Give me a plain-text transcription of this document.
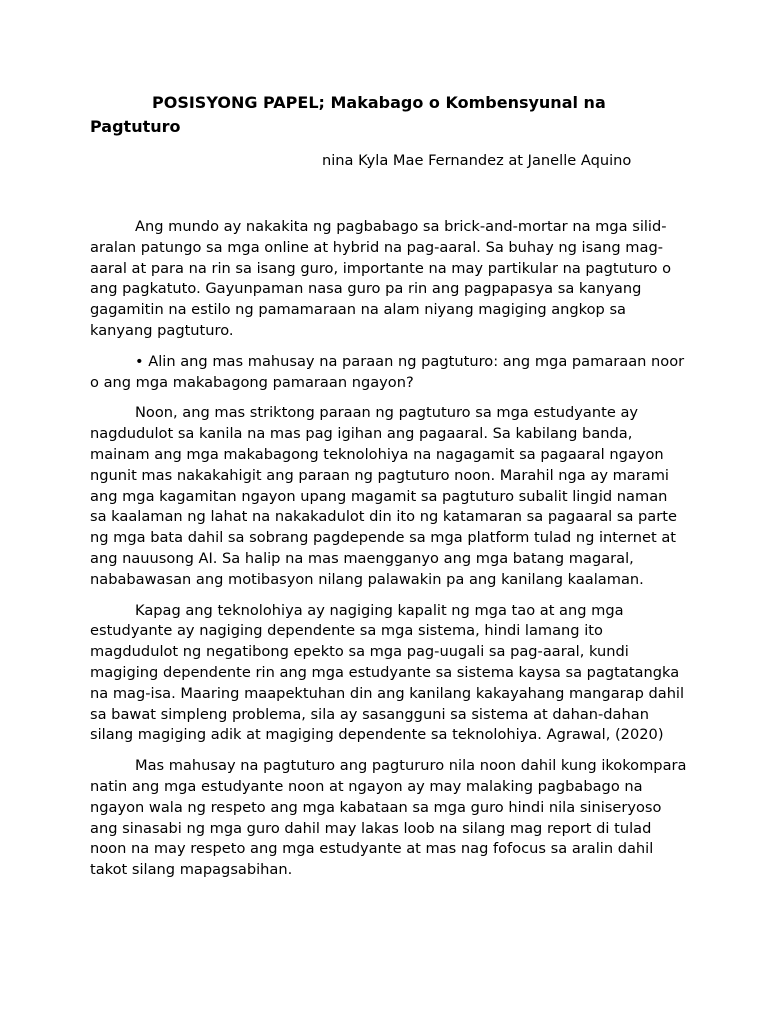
POSISYONG PAPEL; Makabago o Kombensyunal na Pagtuturo
nina Kyla Mae Fernandez at Janelle Aquino

Ang mundo ay nakakita ng pagbabago sa brick-and-mortar na mga silid-aralan patungo sa mga online at hybrid na pag-aaral. Sa buhay ng isang mag-aaral at para na rin sa isang guro, importante na may partikular na pagtuturo o ang pagkatuto. Gayunpaman nasa guro pa rin ang pagpapasya sa kanyang gagamitin na estilo ng pamamaraan na alam niyang magiging angkop sa kanyang pagtuturo.

• Alin ang mas mahusay na paraan ng pagtuturo: ang mga pamaraan noor o ang mga makabagong pamaraan ngayon?

Noon, ang mas striktong paraan ng pagtuturo sa mga estudyante ay nagdudulot sa kanila na mas pag igihan ang pagaaral. Sa kabilang banda, mainam ang mga makabagong teknolohiya na nagagamit sa pagaaral ngayon ngunit mas nakakahigit ang paraan ng pagtuturo noon. Marahil nga ay marami ang mga kagamitan ngayon upang magamit sa pagtuturo subalit lingid naman sa kaalaman ng lahat na nakakadulot din ito ng katamaran sa pagaaral sa parte ng mga bata dahil sa sobrang pagdepende sa mga platform tulad ng internet at ang nauusong AI. Sa halip na mas maengganyo ang mga batang magaral, nababawasan ang motibasyon nilang palawakin pa ang kanilang kaalaman.

Kapag ang teknolohiya ay nagiging kapalit ng mga tao at ang mga estudyante ay nagiging dependente sa mga sistema, hindi lamang ito magdudulot ng negatibong epekto sa mga pag-uugali sa pag-aaral, kundi magiging dependente rin ang mga estudyante sa sistema kaysa sa pagtatangka na mag-isa. Maaring maapektuhan din ang kanilang kakayahang mangarap dahil sa bawat simpleng problema, sila ay sasangguni sa sistema at dahan-dahan silang magiging adik at magiging dependente sa teknolohiya. Agrawal, (2020)

Mas mahusay na pagtuturo ang pagtururo nila noon dahil kung ikokompara natin ang mga estudyante noon at ngayon ay may malaking pagbabago na ngayon wala ng respeto ang mga kabataan sa mga guro hindi nila siniseryoso ang sinasabi ng mga guro dahil may lakas loob na silang mag report di tulad noon na may respeto ang mga estudyante at mas nag fofocus sa aralin dahil takot silang mapagsabihan.
